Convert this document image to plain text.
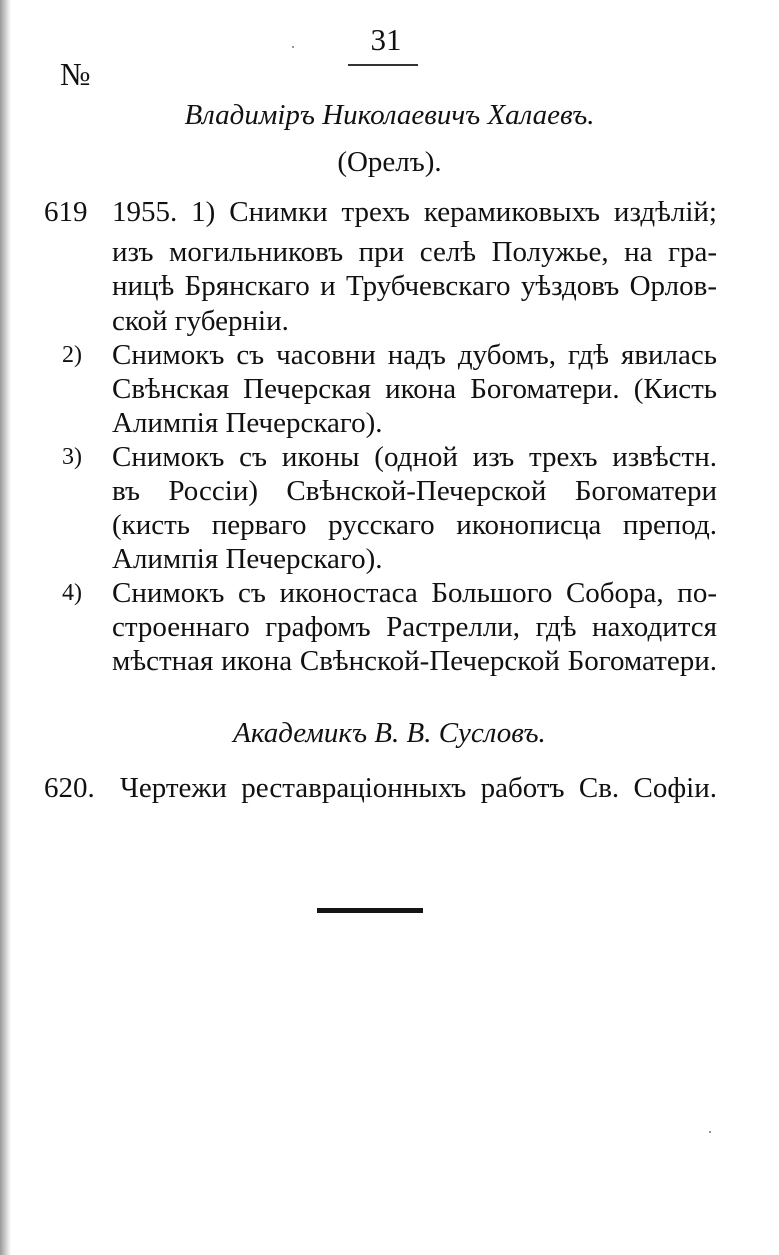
31
№
Владиміръ Николаевичъ Халаевъ.
(Орелъ).
619 1955. 1) Снимки трехъ керамиковыхъ издѣлій;
изъ могильниковъ при селѣ Полужье, на гра-
ницѣ Брянскаго и Трубчевскаго уѣздовъ Орлов-
ской губерніи.
2)	Снимокъ съ часовни надъ дубомъ, гдѣ явилась
Свѣнская Печерская икона Богоматери. (Кисть
Алимпія Печерскаго).
3)	Снимокъ съ иконы (одной изъ трехъ извѣстн.
въ Россіи) Свѣнской-Печерской Богоматери
(кисть перваго русскаго иконописца препод.
Алимпія Печерскаго).
4)	Снимокъ съ иконостаса Большого Собора, по-
строеннаго графомъ Растрелли, гдѣ находится
мѣстная икона Свѣнской-Печерской Богоматери.
Академикъ В. В. Сусловъ.
620. Чертежи реставраціонныхъ работъ Св. Софіи.
